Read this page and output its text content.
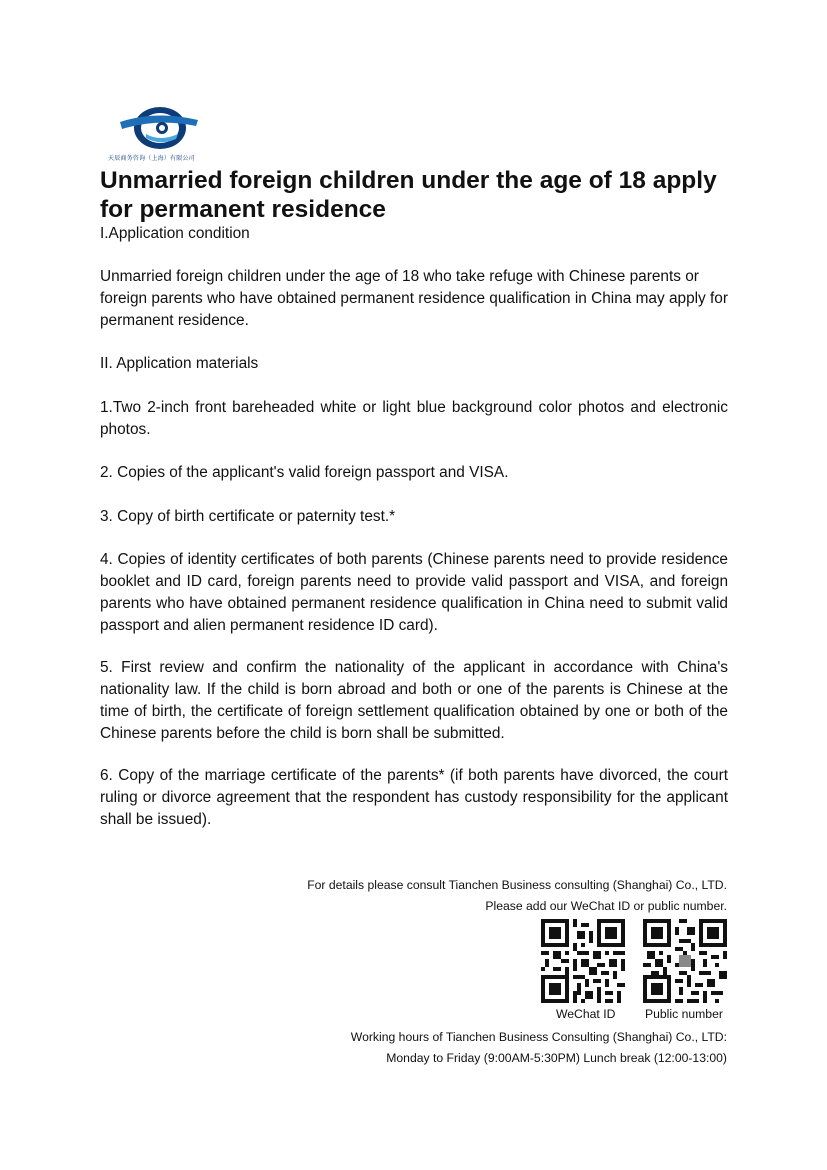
天辰商务咨询（上海）有限公司
Unmarried foreign children under the age of 18 apply for permanent residence

I.Application condition

Unmarried foreign children under the age of 18 who take refuge with Chinese parents or foreign parents who have obtained permanent residence qualification in China may apply for permanent residence.

II. Application materials

1.Two 2-inch front bareheaded white or light blue background color photos and electronic photos.

2. Copies of the applicant's valid foreign passport and VISA.

3. Copy of birth certificate or paternity test.*

4. Copies of identity certificates of both parents (Chinese parents need to provide residence booklet and ID card, foreign parents need to provide valid passport and VISA, and foreign parents who have obtained permanent residence qualification in China need to submit valid passport and alien permanent residence ID card).

5. First review and confirm the nationality of the applicant in accordance with China's nationality law. If the child is born abroad and both or one of the parents is Chinese at the time of birth, the certificate of foreign settlement qualification obtained by one or both of the Chinese parents before the child is born shall be submitted.

6. Copy of the marriage certificate of the parents* (if both parents have divorced, the court ruling or divorce agreement that the respondent has custody responsibility for the applicant shall be issued).

For details please consult Tianchen Business consulting (Shanghai) Co., LTD.
Please add our WeChat ID or public number.
WeChat ID Public number
Working hours of Tianchen Business Consulting (Shanghai) Co., LTD:
Monday to Friday (9:00AM-5:30PM) Lunch break (12:00-13:00)
